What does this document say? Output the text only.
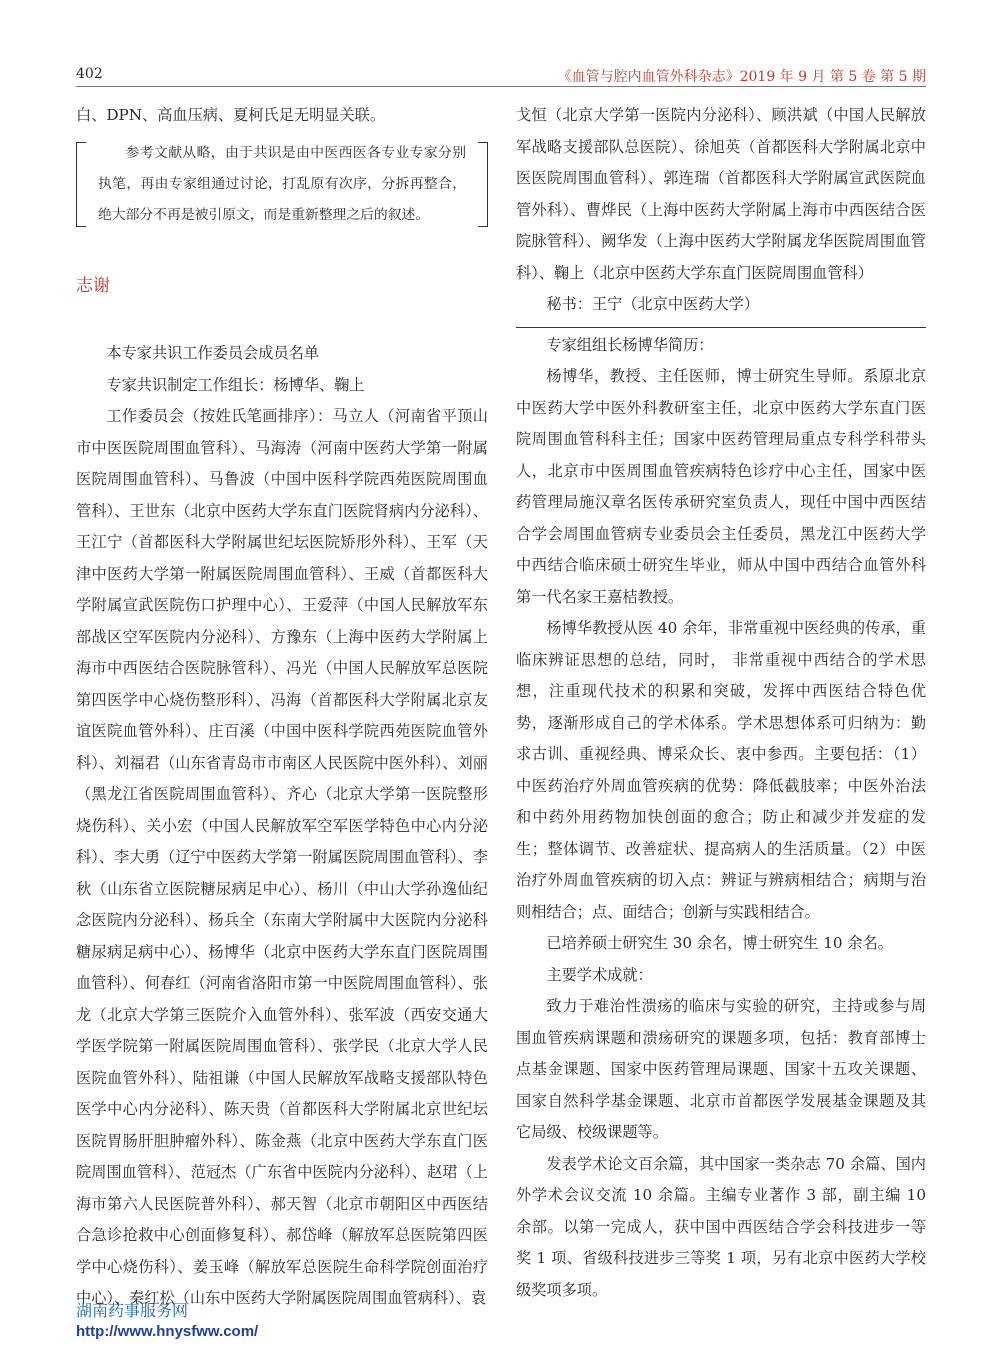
402	《血管与腔内血管外科杂志》2019 年 9 月 第 5 卷 第 5 期

白、DPN、高血压病、夏柯氏足无明显关联。

参考文献从略，由于共识是由中医西医各专业专家分别执笔，再由专家组通过讨论，打乱原有次序，分拆再整合，绝大部分不再是被引原文，而是重新整理之后的叙述。

志谢

本专家共识工作委员会成员名单

专家共识制定工作组长：杨博华、鞠上

工作委员会（按姓氏笔画排序）：马立人（河南省平顶山市中医医院周围血管科）、马海涛（河南中医药大学第一附属医院周围血管科）、马鲁波（中国中医科学院西苑医院周围血管科）、王世东（北京中医药大学东直门医院肾病内分泌科）、王江宁（首都医科大学附属世纪坛医院矫形外科）、王军（天津中医药大学第一附属医院周围血管科）、王威（首都医科大学附属宣武医院伤口护理中心）、王爱萍（中国人民解放军东部战区空军医院内分泌科）、方豫东（上海中医药大学附属上海市中西医结合医院脉管科）、冯光（中国人民解放军总医院第四医学中心烧伤整形科）、冯海（首都医科大学附属北京友谊医院血管外科）、庄百溪（中国中医科学院西苑医院血管外科）、刘福君（山东省青岛市市南区人民医院中医外科）、刘丽（黑龙江省医院周围血管科）、齐心（北京大学第一医院整形烧伤科）、关小宏（中国人民解放军空军医学特色中心内分泌科）、李大勇（辽宁中医药大学第一附属医院周围血管科）、李秋（山东省立医院糖尿病足中心）、杨川（中山大学孙逸仙纪念医院内分泌科）、杨兵全（东南大学附属中大医院内分泌科糖尿病足病中心）、杨博华（北京中医药大学东直门医院周围血管科）、何春红（河南省洛阳市第一中医院周围血管科）、张龙（北京大学第三医院介入血管外科）、张军波（西安交通大学医学院第一附属医院周围血管科）、张学民（北京大学人民医院血管外科）、陆祖谦（中国人民解放军战略支援部队特色医学中心内分泌科）、陈天贵（首都医科大学附属北京世纪坛医院胃肠肝胆肿瘤外科）、陈金燕（北京中医药大学东直门医院周围血管科）、范冠杰（广东省中医院内分泌科）、赵珺（上海市第六人民医院普外科）、郝天智（北京市朝阳区中西医结合急诊抢救中心创面修复科）、郝岱峰（解放军总医院第四医学中心烧伤科）、姜玉峰（解放军总医院生命科学院创面治疗中心）、秦红松（山东中医药大学附属医院周围血管病科）、袁

戈恒（北京大学第一医院内分泌科）、顾洪斌（中国人民解放军战略支援部队总医院）、徐旭英（首都医科大学附属北京中医医院周围血管科）、郭连瑞（首都医科大学附属宣武医院血管外科）、曹烨民（上海中医药大学附属上海市中西医结合医院脉管科）、阙华发（上海中医药大学附属龙华医院周围血管科）、鞠上（北京中医药大学东直门医院周围血管科）

秘书：王宁（北京中医药大学）

专家组组长杨博华简历：

杨博华，教授、主任医师，博士研究生导师。系原北京中医药大学中医外科教研室主任，北京中医药大学东直门医院周围血管科科主任；国家中医药管理局重点专科学科带头人，北京市中医周围血管疾病特色诊疗中心主任，国家中医药管理局施汉章名医传承研究室负责人，现任中国中西医结合学会周围血管病专业委员会主任委员，黑龙江中医药大学中西结合临床硕士研究生毕业，师从中国中西结合血管外科第一代名家王嘉桔教授。

杨博华教授从医 40 余年，非常重视中医经典的传承，重临床辨证思想的总结，同时， 非常重视中西结合的学术思想，注重现代技术的积累和突破，发挥中西医结合特色优势，逐渐形成自己的学术体系。学术思想体系可归纳为：勤求古训、重视经典、博采众长、衷中参西。主要包括：（1）中医药治疗外周血管疾病的优势：降低截肢率；中医外治法和中药外用药物加快创面的愈合；防止和减少并发症的发生；整体调节、改善症状、提高病人的生活质量。（2）中医治疗外周血管疾病的切入点：辨证与辨病相结合；病期与治则相结合；点、面结合；创新与实践相结合。

已培养硕士研究生 30 余名，博士研究生 10 余名。

主要学术成就：

致力于难治性溃疡的临床与实验的研究，主持或参与周围血管疾病课题和溃疡研究的课题多项，包括：教育部博士点基金课题、国家中医药管理局课题、国家十五攻关课题、国家自然科学基金课题、北京市首都医学发展基金课题及其它局级、校级课题等。

发表学术论文百余篇，其中国家一类杂志 70 余篇、国内外学术会议交流 10 余篇。主编专业著作 3 部，副主编 10 余部。以第一完成人，获中国中西医结合学会科技进步一等奖 1 项、省级科技进步三等奖 1 项，另有北京中医药大学校级奖项多项。

湖南药事服务网
http://www.hnysfww.com/
